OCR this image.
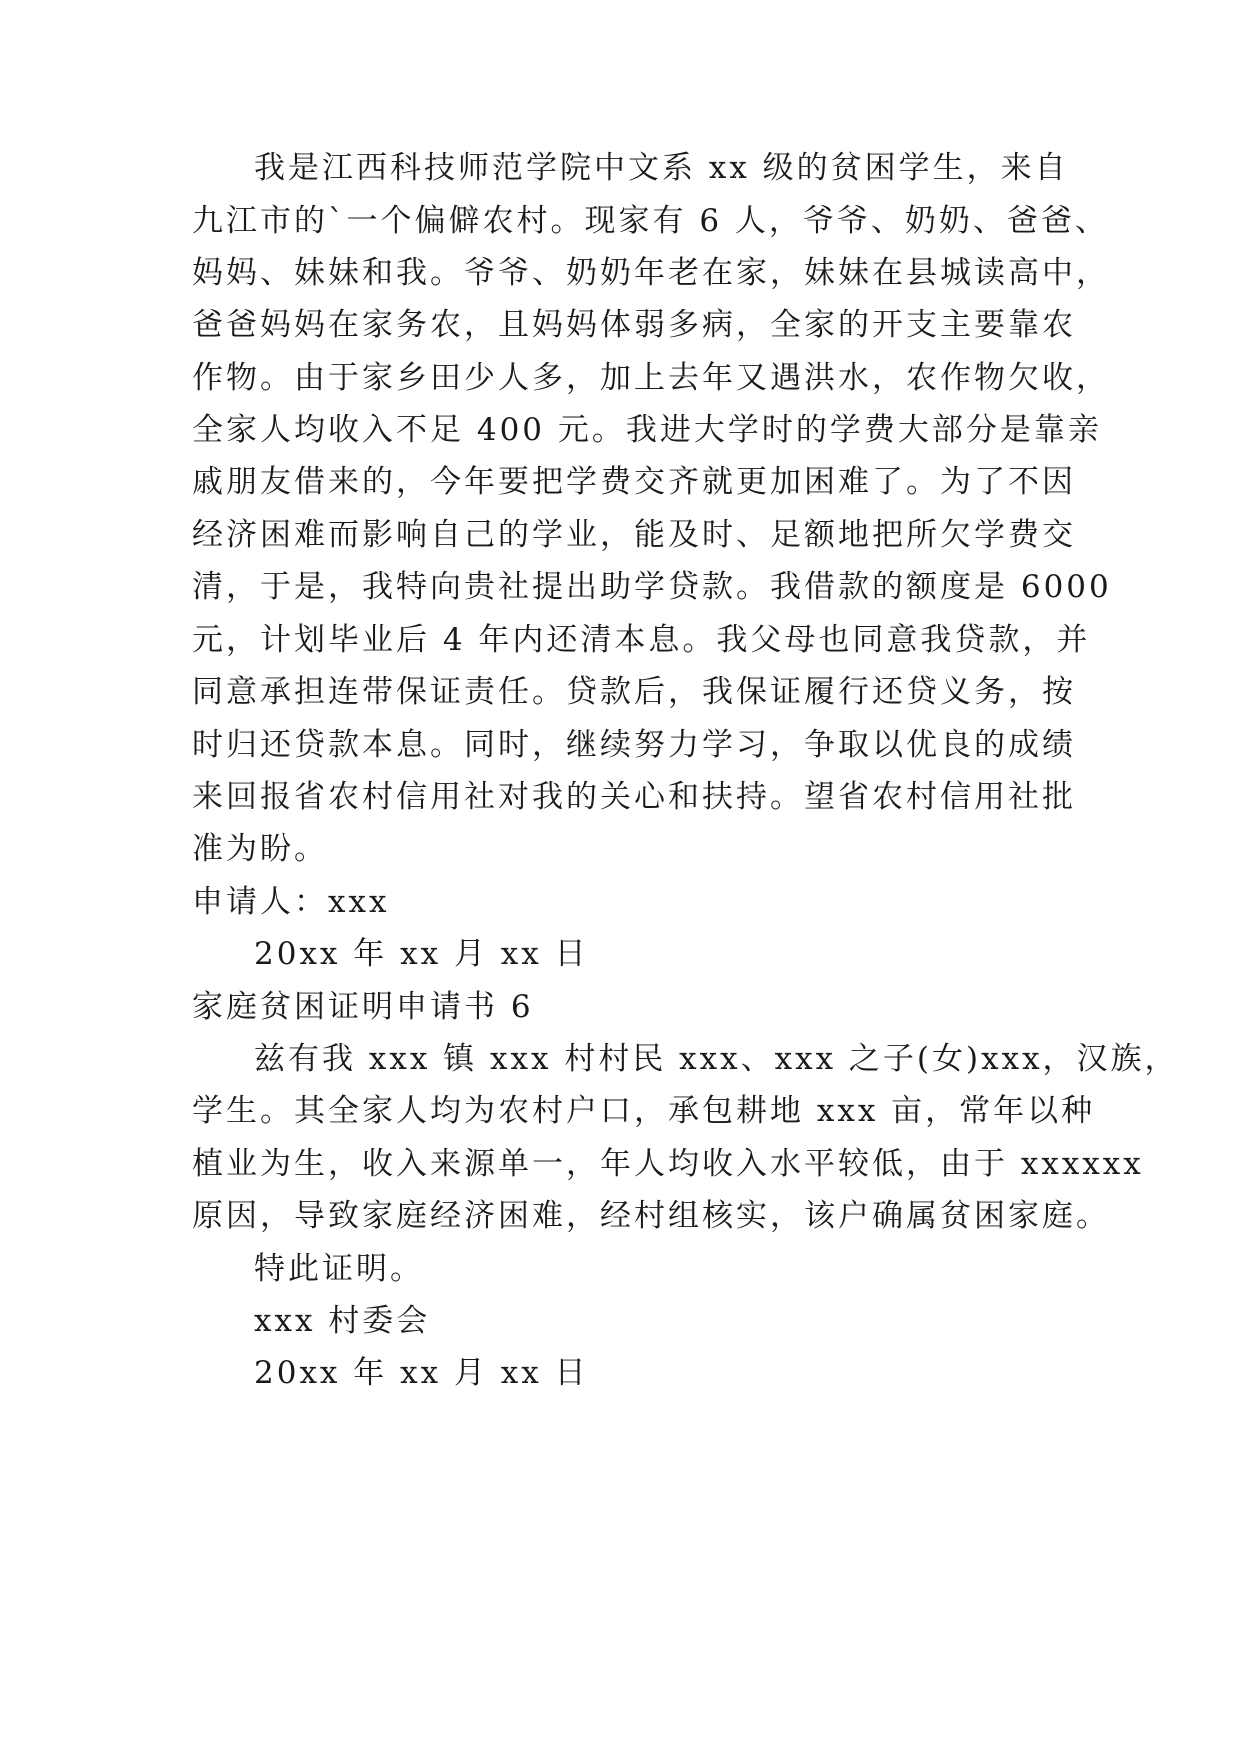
我是江西科技师范学院中文系 xx 级的贫困学生，来自
九江市的`一个偏僻农村。现家有 6 人，爷爷、奶奶、爸爸、
妈妈、妹妹和我。爷爷、奶奶年老在家，妹妹在县城读高中，
爸爸妈妈在家务农，且妈妈体弱多病，全家的开支主要靠农
作物。由于家乡田少人多，加上去年又遇洪水，农作物欠收，
全家人均收入不足 400 元。我进大学时的学费大部分是靠亲
戚朋友借来的，今年要把学费交齐就更加困难了。为了不因
经济困难而影响自己的学业，能及时、足额地把所欠学费交
清，于是，我特向贵社提出助学贷款。我借款的额度是 6000
元，计划毕业后 4 年内还清本息。我父母也同意我贷款，并
同意承担连带保证责任。贷款后，我保证履行还贷义务，按
时归还贷款本息。同时，继续努力学习，争取以优良的成绩
来回报省农村信用社对我的关心和扶持。望省农村信用社批
准为盼。
申请人：xxx
20xx 年 xx 月 xx 日
家庭贫困证明申请书 6
兹有我 xxx 镇 xxx 村村民 xxx、xxx 之子(女)xxx，汉族，
学生。其全家人均为农村户口，承包耕地 xxx 亩，常年以种
植业为生，收入来源单一，年人均收入水平较低，由于 xxxxxx
原因，导致家庭经济困难，经村组核实，该户确属贫困家庭。
特此证明。
xxx 村委会
20xx 年 xx 月 xx 日
